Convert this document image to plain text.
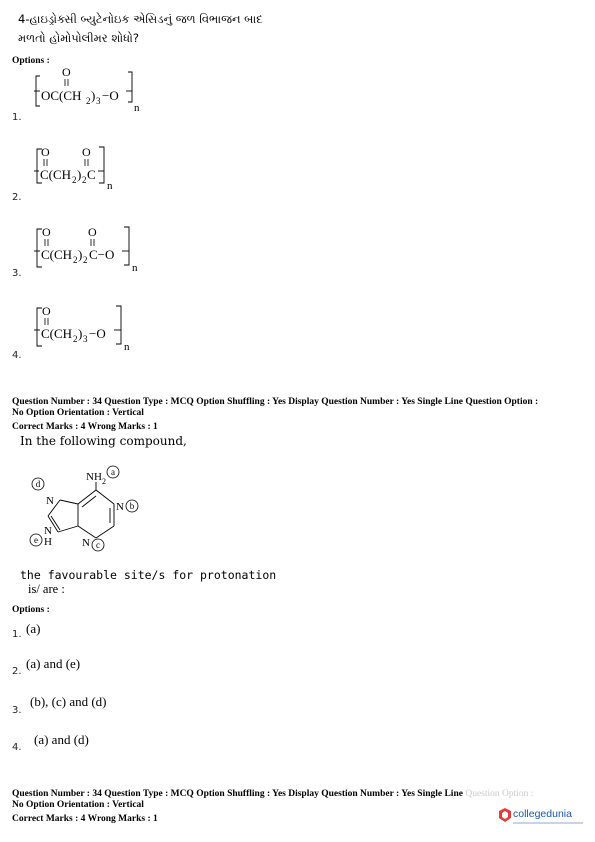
4-હાઇડ્રોક્સી બ્યુટેનોઇક એસિડનું જળ વિભાજન બાદ
મળતો હોમોપોલીમર શોધો?
Options :
1.
O
OC(CH 2 ) 3 −O
n
2.
O	O
C(CH 2 ) 2 C
n
3.
O	O
C(CH 2 ) 2 C−O
n
4.
O
C(CH 2 ) 3 −O
n
Question Number : 34 Question Type : MCQ Option Shuffling : Yes Display Question Number : Yes Single Line Question Option :
No Option Orientation : Vertical
Correct Marks : 4 Wrong Marks : 1
In the following compound,
NH 2
N
N
N
N
H
a
b
c
d
e
the favourable site/s for protonation
is/ are :
Options :
1. (a)
2.
(a) and (e)
3.
(b), (c) and (d)
4.
(a) and (d)
Question Number : 34 Question Type : MCQ Option Shuffling : Yes Display Question Number : Yes Single Line Question Option :
No Option Orientation : Vertical
Correct Marks : 4 Wrong Marks : 1	collegedunia
